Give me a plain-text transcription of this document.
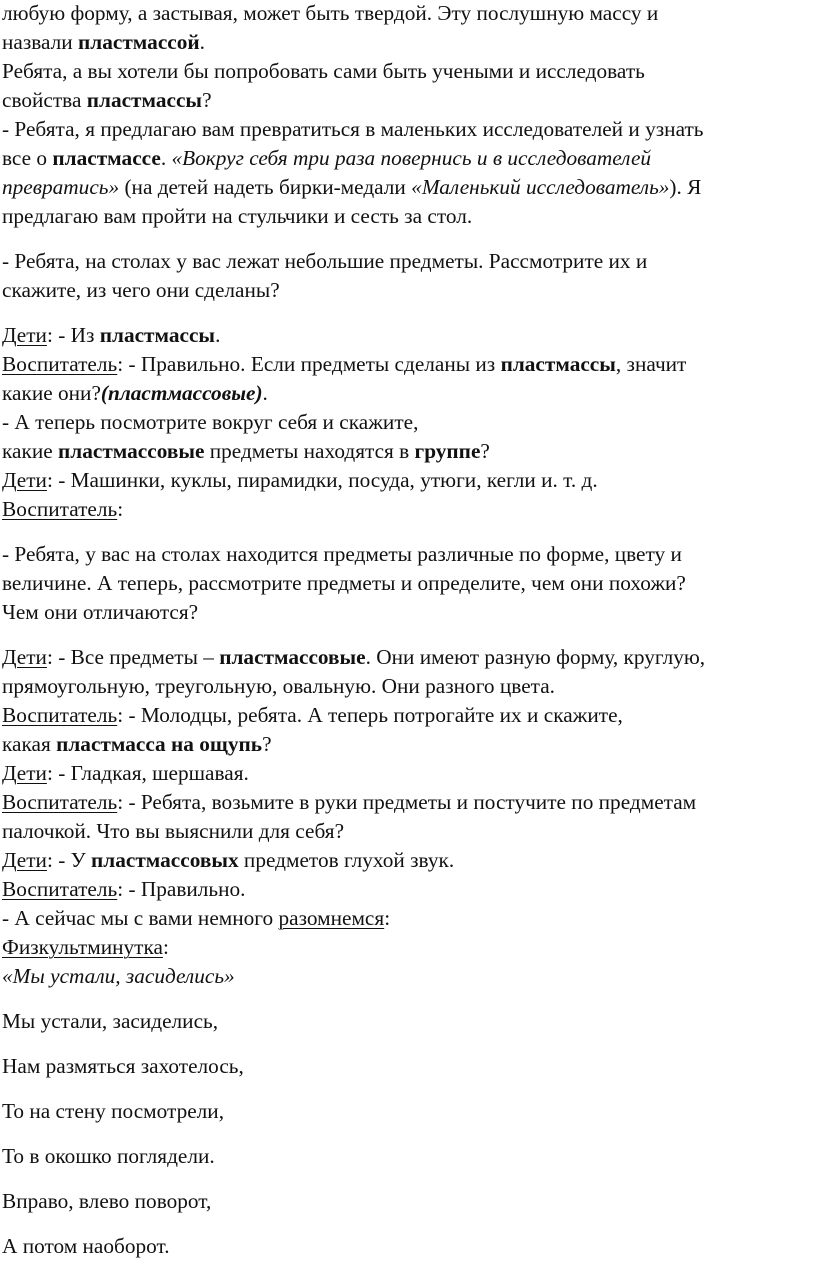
любую форму, а застывая, может быть твердой. Эту послушную массу и
назвали пластмассой.
Ребята, а вы хотели бы попробовать сами быть учеными и исследовать
свойства пластмассы?
- Ребята, я предлагаю вам превратиться в маленьких исследователей и узнать
все о пластмассе. «Вокруг себя три раза повернись и в исследователей
превратись» (на детей надеть бирки-медали «Маленький исследователь»). Я
предлагаю вам пройти на стульчики и сесть за стол.
- Ребята, на столах у вас лежат небольшие предметы. Рассмотрите их и
скажите, из чего они сделаны?
Дети: - Из пластмассы.
Воспитатель: - Правильно. Если предметы сделаны из пластмассы, значит
какие они?(пластмассовые).
- А теперь посмотрите вокруг себя и скажите,
какие пластмассовые предметы находятся в группе?
Дети: - Машинки, куклы, пирамидки, посуда, утюги, кегли и. т. д.
Воспитатель:
- Ребята, у вас на столах находится предметы различные по форме, цвету и
величине. А теперь, рассмотрите предметы и определите, чем они похожи?
Чем они отличаются?
Дети: - Все предметы – пластмассовые. Они имеют разную форму, круглую,
прямоугольную, треугольную, овальную. Они разного цвета.
Воспитатель: - Молодцы, ребята. А теперь потрогайте их и скажите,
какая пластмасса на ощупь?
Дети: - Гладкая, шершавая.
Воспитатель: - Ребята, возьмите в руки предметы и постучите по предметам
палочкой. Что вы выяснили для себя?
Дети: - У пластмассовых предметов глухой звук.
Воспитатель: - Правильно.
- А сейчас мы с вами немного разомнемся:
Физкультминутка:
«Мы устали, засиделись»
Мы устали, засиделись,
Нам размяться захотелось,
То на стену посмотрели,
То в окошко поглядели.
Вправо, влево поворот,
А потом наоборот.
